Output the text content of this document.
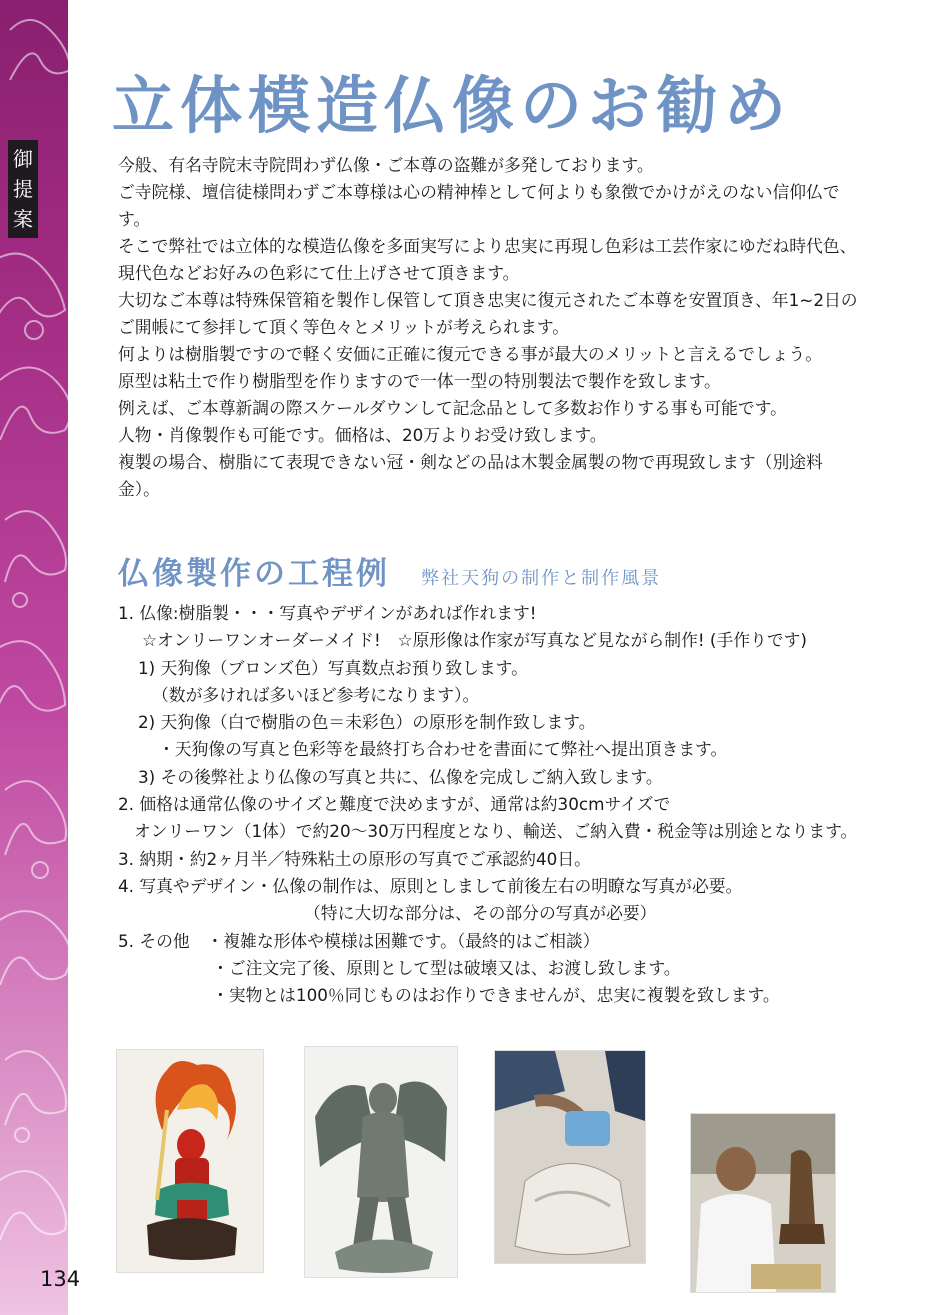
御
提
案
134
立体模造仏像のお勧め

今般、有名寺院末寺院問わず仏像・ご本尊の盗難が多発しております。

ご寺院様、壇信徒様問わずご本尊様は心の精神棒として何よりも象徴でかけがえのない信仰仏です。

そこで弊社では立体的な模造仏像を多面実写により忠実に再現し色彩は工芸作家にゆだね時代色、現代色などお好みの色彩にて仕上げさせて頂きます。

大切なご本尊は特殊保管箱を製作し保管して頂き忠実に復元されたご本尊を安置頂き、年1~2日のご開帳にて参拝して頂く等色々とメリットが考えられます。

何よりは樹脂製ですので軽く安価に正確に復元できる事が最大のメリットと言えるでしょう。

原型は粘土で作り樹脂型を作りますので一体一型の特別製法で製作を致します。

例えば、ご本尊新調の際スケールダウンして記念品として多数お作りする事も可能です。

人物・肖像製作も可能です。価格は、20万よりお受け致します。

複製の場合、樹脂にて表現できない冠・剣などの品は木製金属製の物で再現致します（別途料金）。

仏像製作の工程例 弊社天狗の制作と制作風景

1. 仏像:樹脂製・・・写真やデザインがあれば作れます!

☆オンリーワンオーダーメイド!　☆原形像は作家が写真など見ながら制作! (手作りです)

1) 天狗像（ブロンズ色）写真数点お預り致します。

（数が多ければ多いほど参考になります）。

2) 天狗像（白で樹脂の色＝未彩色）の原形を制作致します。

・天狗像の写真と色彩等を最終打ち合わせを書面にて弊社へ提出頂きます。

3) その後弊社より仏像の写真と共に、仏像を完成しご納入致します。

2. 価格は通常仏像のサイズと難度で決めますが、通常は約30cmサイズで

オンリーワン（1体）で約20～30万円程度となり、輸送、ご納入費・税金等は別途となります。

3. 納期・約2ヶ月半／特殊粘土の原形の写真でご承認約40日。

4. 写真やデザイン・仏像の制作は、原則としまして前後左右の明瞭な写真が必要。

（特に大切な部分は、その部分の写真が必要）

5. その他　・複雑な形体や模様は困難です。（最終的はご相談）

・ご注文完了後、原則として型は破壊又は、お渡し致します。

・実物とは100％同じものはお作りできませんが、忠実に複製を致します。
